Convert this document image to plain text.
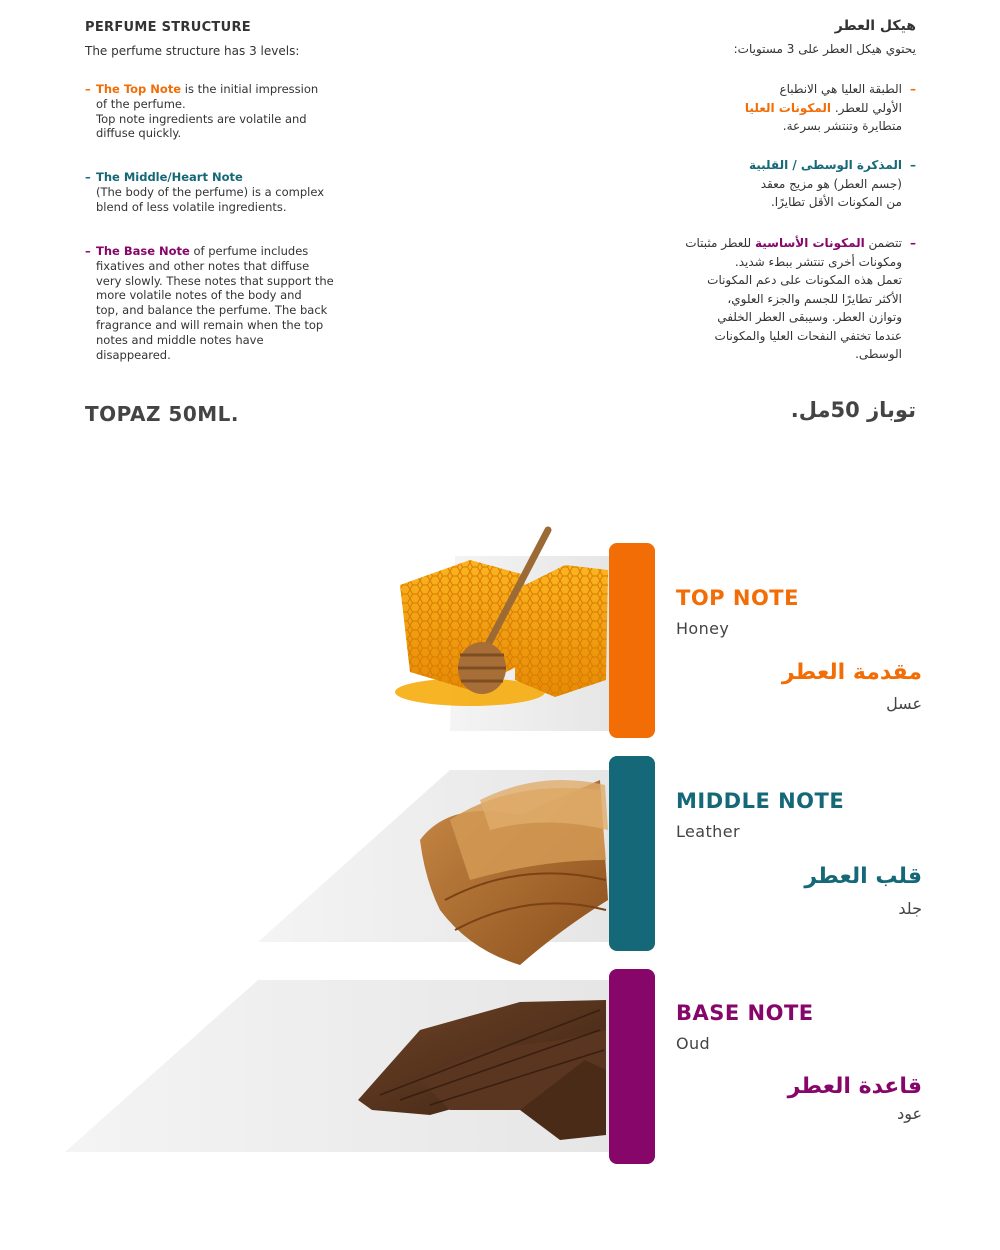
PERFUME STRUCTURE
The perfume structure has 3 levels:
– The Top Note is the initial impression
of the perfume.
Top note ingredients are volatile and
diffuse quickly.
– The Middle/Heart Note
(The body of the perfume) is a complex
blend of less volatile ingredients.
– The Base Note of perfume includes
fixatives and other notes that diffuse
very slowly. These notes that support the
more volatile notes of the body and
top, and balance the perfume. The back
fragrance and will remain when the top
notes and middle notes have
disappeared.
هيكل العطر
يحتوي هيكل العطر على 3 مستويات:
–
الطبقة العليا هي الانطباع
الأولي للعطر. المكونات العليا
متطايرة وتنتشر بسرعة.
–
المذكرة الوسطى / القلبية
(جسم العطر) هو مزيج معقد
من المكونات الأقل تطايرًا.
–
تتضمن المكونات الأساسية للعطر مثبتات
ومكونات أخرى تنتشر ببطء شديد.
تعمل هذه المكونات على دعم المكونات
الأكثر تطايرًا للجسم والجزء العلوي،
وتوازن العطر. وسيبقى العطر الخلفي
عندما تختفي النفحات العليا والمكونات
الوسطى.
TOPAZ 50ML.	توباز 50مل.
TOP NOTE
Honey
مقدمة العطر
عسل
MIDDLE NOTE
Leather
قلب العطر
جلد
BASE NOTE
Oud
قاعدة العطر
عود
